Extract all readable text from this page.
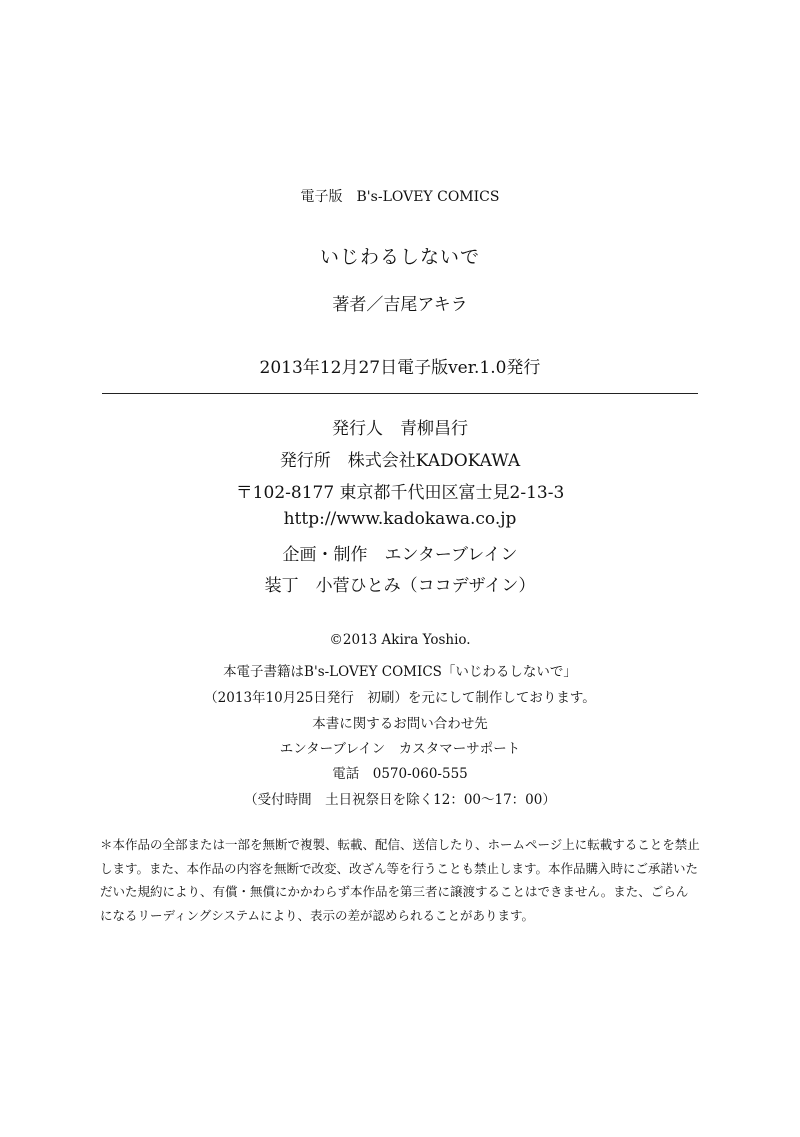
電子版　B's-LOVEY COMICS
いじわるしないで
著者／吉尾アキラ
2013年12月27日電子版ver.1.0発行
発行人　青柳昌行
発行所　株式会社KADOKAWA
〒102-8177 東京都千代田区富士見2-13-3
http://www.kadokawa.co.jp
企画・制作　エンターブレイン
装丁　小菅ひとみ（ココデザイン）
©2013 Akira Yoshio.
本電子書籍はB's-LOVEY COMICS「いじわるしないで」
（2013年10月25日発行　初刷）を元にして制作しております。
本書に関するお問い合わせ先
エンターブレイン　カスタマーサポート
電話　0570-060-555
（受付時間　土日祝祭日を除く12：00〜17：00）
＊本作品の全部または一部を無断で複製、転載、配信、送信したり、ホームページ上に転載することを禁止します。また、本作品の内容を無断で改変、改ざん等を行うことも禁止します。本作品購入時にご承諾いただいた規約により、有償・無償にかかわらず本作品を第三者に譲渡することはできません。また、ごらんになるリーディングシステムにより、表示の差が認められることがあります。
